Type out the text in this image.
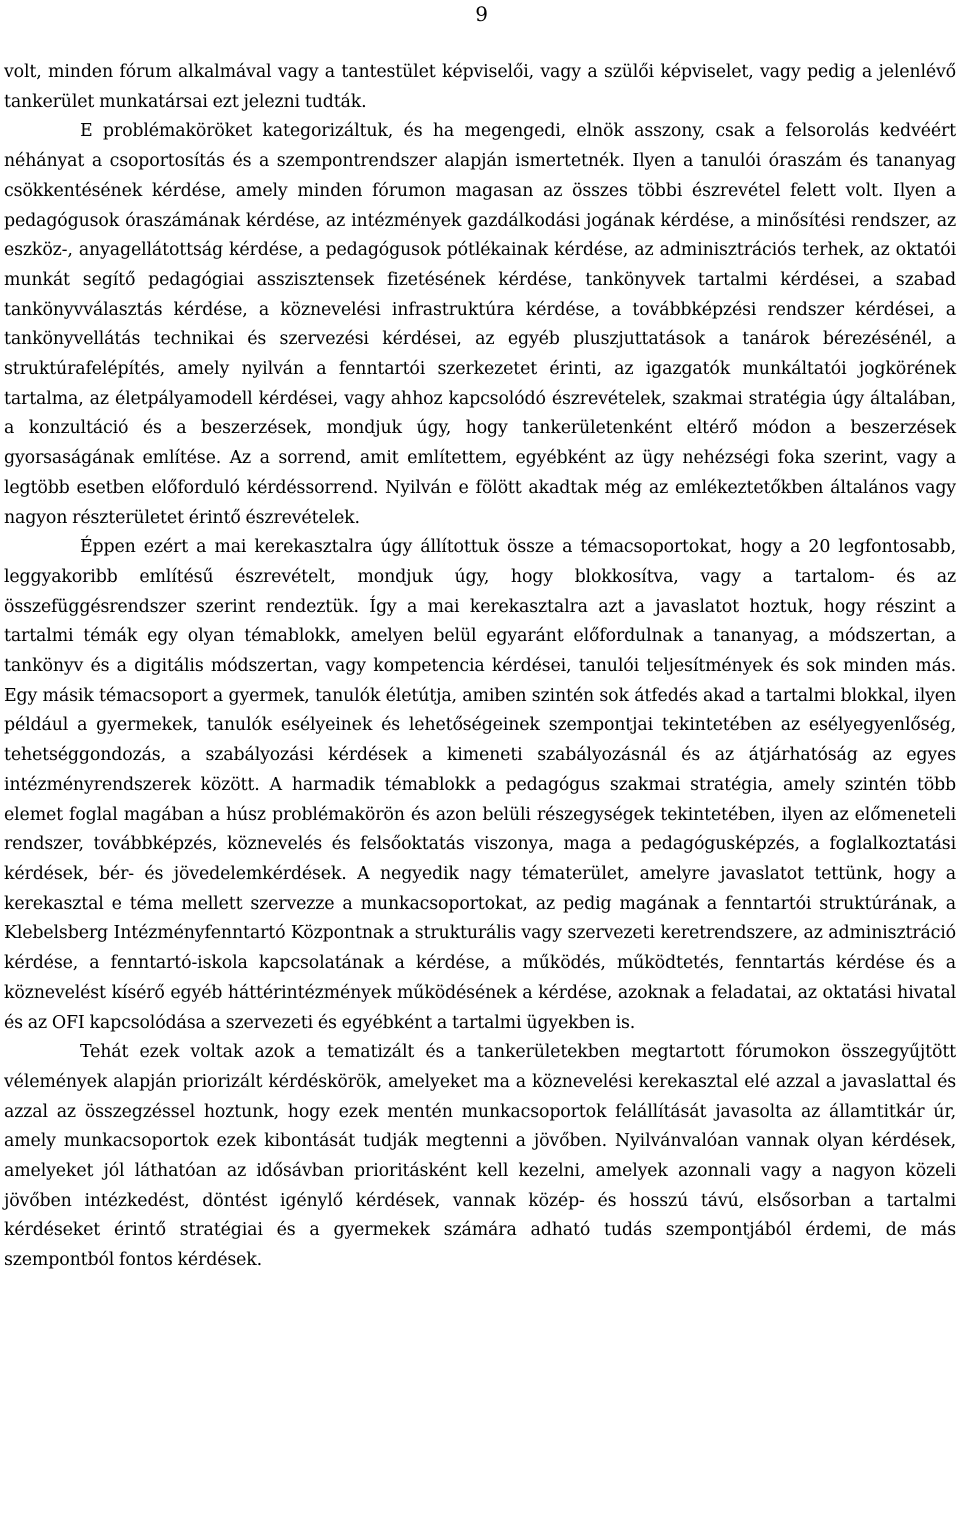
9

volt, minden fórum alkalmával vagy a tantestület képviselői, vagy a szülői képviselet, vagy pedig a jelenlévő tankerület munkatársai ezt jelezni tudták.

E problémaköröket kategorizáltuk, és ha megengedi, elnök asszony, csak a felsorolás kedvéért néhányat a csoportosítás és a szempontrendszer alapján ismertetnék. Ilyen a tanulói óraszám és tananyag csökkentésének kérdése, amely minden fórumon magasan az összes többi észrevétel felett volt. Ilyen a pedagógusok óraszámának kérdése, az intézmények gazdálkodási jogának kérdése, a minősítési rendszer, az eszköz-, anyagellátottság kérdése, a pedagógusok pótlékainak kérdése, az adminisztrációs terhek, az oktatói munkát segítő pedagógiai asszisztensek fizetésének kérdése, tankönyvek tartalmi kérdései, a szabad tankönyvválasztás kérdése, a köznevelési infrastruktúra kérdése, a továbbképzési rendszer kérdései, a tankönyvellátás technikai és szervezési kérdései, az egyéb pluszjuttatások a tanárok bérezésénél, a struktúrafelépítés, amely nyilván a fenntartói szerkezetet érinti, az igazgatók munkáltatói jogkörének tartalma, az életpályamodell kérdései, vagy ahhoz kapcsolódó észrevételek, szakmai stratégia úgy általában, a konzultáció és a beszerzések, mondjuk úgy, hogy tankerületenként eltérő módon a beszerzések gyorsaságának említése. Az a sorrend, amit említettem, egyébként az ügy nehézségi foka szerint, vagy a legtöbb esetben előforduló kérdéssorrend. Nyilván e fölött akadtak még az emlékeztetőkben általános vagy nagyon részterületet érintő észrevételek.

Éppen ezért a mai kerekasztalra úgy állítottuk össze a témacsoportokat, hogy a 20 legfontosabb, leggyakoribb említésű észrevételt, mondjuk úgy, hogy blokkosítva, vagy a tartalom- és az összefüggésrendszer szerint rendeztük. Így a mai kerekasztalra azt a javaslatot hoztuk, hogy részint a tartalmi témák egy olyan témablokk, amelyen belül egyaránt előfordulnak a tananyag, a módszertan, a tankönyv és a digitális módszertan, vagy kompetencia kérdései, tanulói teljesítmények és sok minden más. Egy másik témacsoport a gyermek, tanulók életútja, amiben szintén sok átfedés akad a tartalmi blokkal, ilyen például a gyermekek, tanulók esélyeinek és lehetőségeinek szempontjai tekintetében az esélyegyenlőség, tehetséggondozás, a szabályozási kérdések a kimeneti szabályozásnál és az átjárhatóság az egyes intézményrendszerek között. A harmadik témablokk a pedagógus szakmai stratégia, amely szintén több elemet foglal magában a húsz problémakörön és azon belüli részegységek tekintetében, ilyen az előmeneteli rendszer, továbbképzés, köznevelés és felsőoktatás viszonya, maga a pedagógusképzés, a foglalkoztatási kérdések, bér- és jövedelemkérdések. A negyedik nagy tématerület, amelyre javaslatot tettünk, hogy a kerekasztal e téma mellett szervezze a munkacsoportokat, az pedig magának a fenntartói struktúrának, a Klebelsberg Intézményfenntartó Központnak a strukturális vagy szervezeti keretrendszere, az adminisztráció kérdése, a fenntartó-iskola kapcsolatának a kérdése, a működés, működtetés, fenntartás kérdése és a köznevelést kísérő egyéb háttérintézmények működésének a kérdése, azoknak a feladatai, az oktatási hivatal és az OFI kapcsolódása a szervezeti és egyébként a tartalmi ügyekben is.

Tehát ezek voltak azok a tematizált és a tankerületekben megtartott fórumokon összegyűjtött vélemények alapján priorizált kérdéskörök, amelyeket ma a köznevelési kerekasztal elé azzal a javaslattal és azzal az összegzéssel hoztunk, hogy ezek mentén munkacsoportok felállítását javasolta az államtitkár úr, amely munkacsoportok ezek kibontását tudják megtenni a jövőben. Nyilvánvalóan vannak olyan kérdések, amelyeket jól láthatóan az idősávban prioritásként kell kezelni, amelyek azonnali vagy a nagyon közeli jövőben intézkedést, döntést igénylő kérdések, vannak közép- és hosszú távú, elsősorban a tartalmi kérdéseket érintő stratégiai és a gyermekek számára adható tudás szempontjából érdemi, de más szempontból fontos kérdések.
